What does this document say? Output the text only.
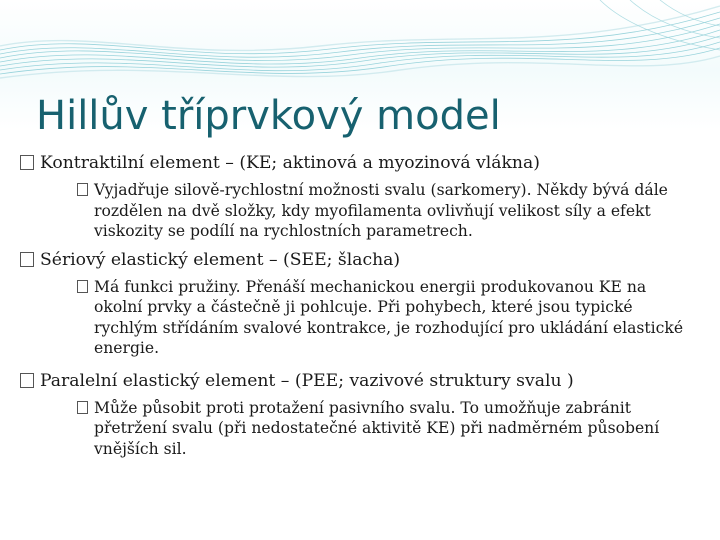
Hillův tříprvkový model
Kontraktilní element – (KE; aktinová a myozinová vlákna)
Vyjadřuje silově-rychlostní možnosti svalu (sarkomery). Někdy bývá dále rozdělen na dvě složky, kdy myofilamenta ovlivňují velikost síly a efekt viskozity se podílí na rychlostních parametrech.
Sériový elastický element – (SEE; šlacha)
Má funkci pružiny. Přenáší mechanickou energii produkovanou KE na okolní prvky a částečně ji pohlcuje. Při pohybech, které jsou typické rychlým střídáním svalové kontrakce, je rozhodující pro ukládání elastické energie.
Paralelní elastický element – (PEE; vazivové struktury svalu )
Může působit proti protažení pasivního svalu. To umožňuje zabránit přetržení svalu (při nedostatečné aktivitě KE) při nadměrném působení vnějších sil.
